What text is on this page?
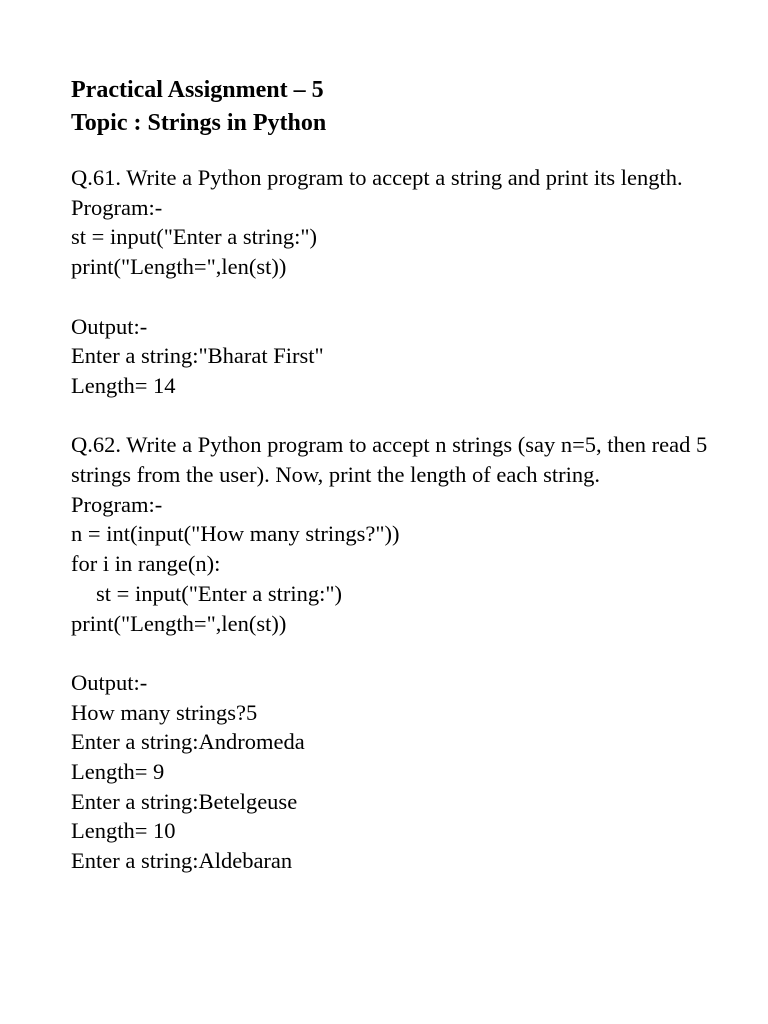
Practical Assignment – 5
Topic : Strings in Python

Q.61. Write a Python program to accept a string and print its length.

Program:-

st = input("Enter a string:")

print("Length=",len(st))

Output:-

Enter a string:"Bharat First"

Length= 14

Q.62. Write a Python program to accept n strings (say n=5, then read 5 strings from the user). Now, print the length of each string.

Program:-

n = int(input("How many strings?"))

for i in range(n):

st = input("Enter a string:")

print("Length=",len(st))

Output:-

How many strings?5

Enter a string:Andromeda

Length= 9

Enter a string:Betelgeuse

Length= 10

Enter a string:Aldebaran
